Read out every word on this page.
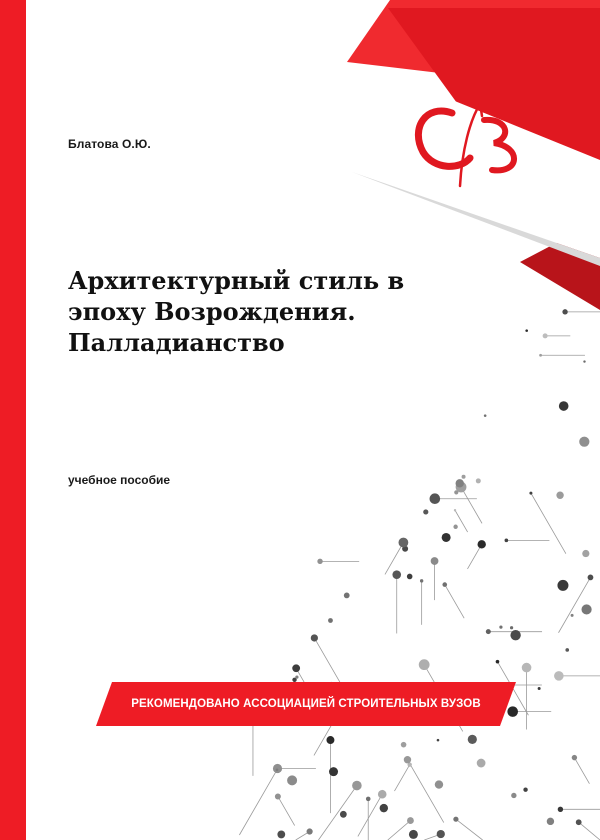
Блатова О.Ю.
Архитектурный стиль в
эпоху Возрождения.
Палладианство
учебное пособие
РЕКОМЕНДОВАНО АССОЦИАЦИЕЙ СТРОИТЕЛЬНЫХ ВУЗОВ
